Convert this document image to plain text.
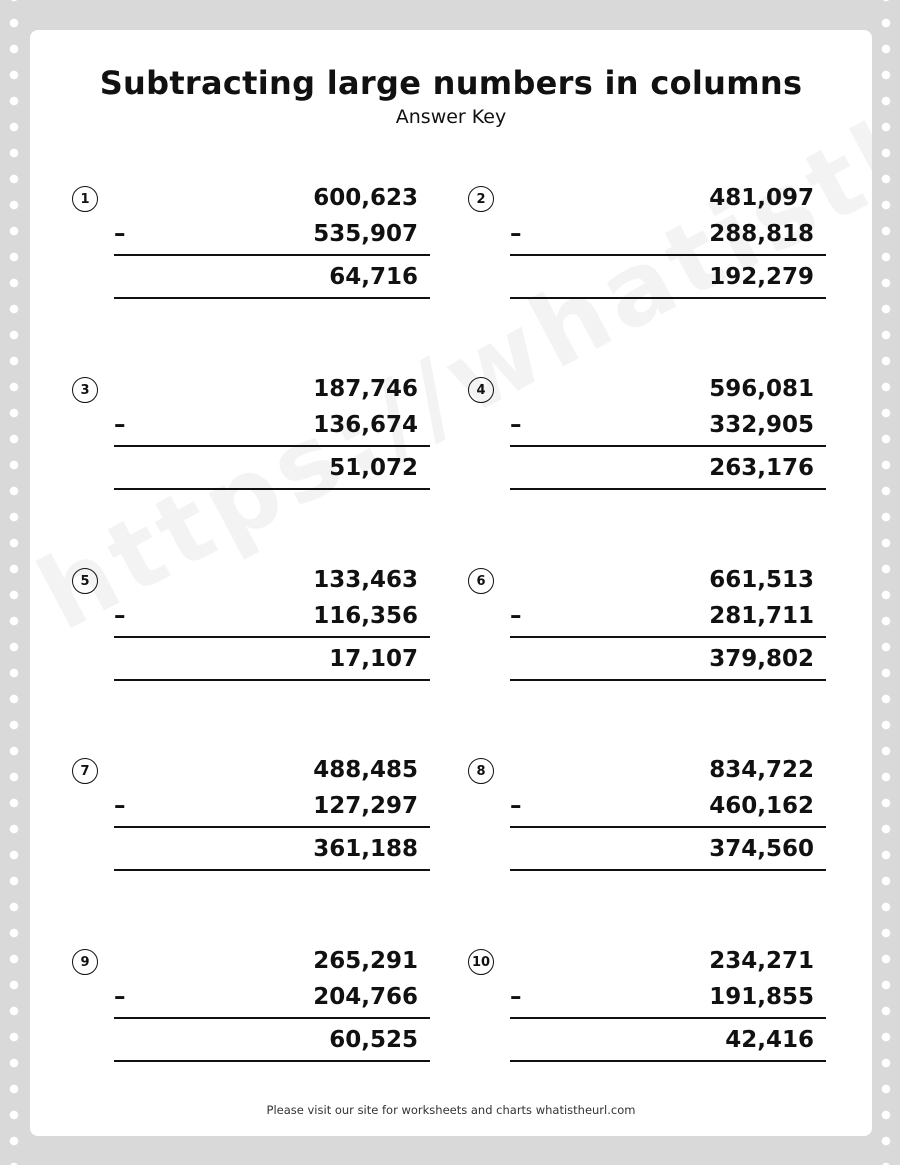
Subtracting large numbers in columns
Answer Key
1	600,623
–	535,907
64,716
2	481,097
–	288,818
192,279
3	187,746
–	136,674
51,072
4	596,081
–	332,905
263,176
5	133,463
–	116,356
17,107
6	661,513
–	281,711
379,802
7	488,485
–	127,297
361,188
8	834,722
–	460,162
374,560
9	265,291
–	204,766
60,525
10	234,271
–	191,855
42,416
Please visit our site for worksheets and charts whatistheurl.com
